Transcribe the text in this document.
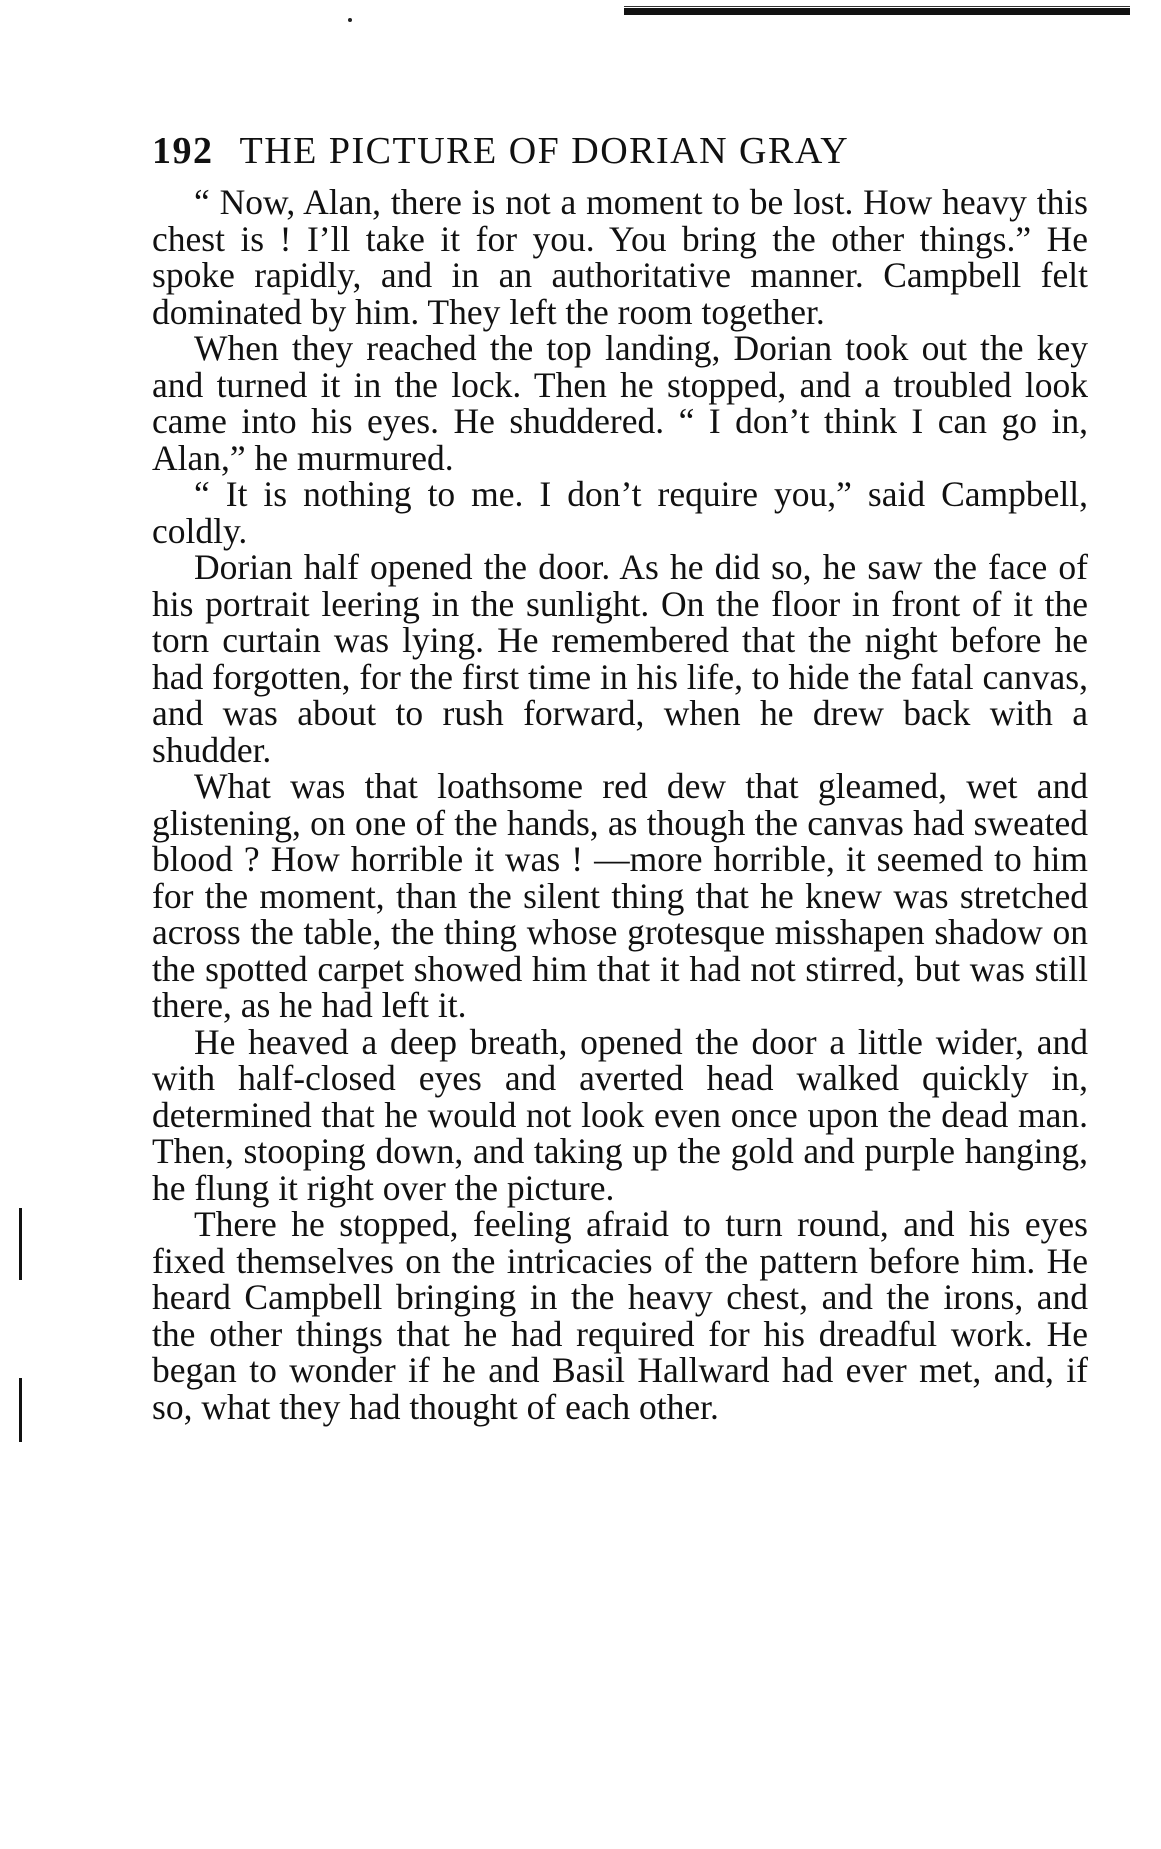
192 THE PICTURE OF DORIAN GRAY

“ Now, Alan, there is not a moment to be lost. How heavy this chest is ! I’ll take it for you. You bring the other things.” He spoke rapidly, and in an authoritative manner. Campbell felt dominated by him. They left the room together.

When they reached the top landing, Dorian took out the key and turned it in the lock. Then he stopped, and a troubled look came into his eyes. He shuddered. “ I don’t think I can go in, Alan,” he murmured.

“ It is nothing to me. I don’t require you,” said Campbell, coldly.

Dorian half opened the door. As he did so, he saw the face of his portrait leering in the sunlight. On the floor in front of it the torn curtain was lying. He remembered that the night before he had forgotten, for the first time in his life, to hide the fatal canvas, and was about to rush forward, when he drew back with a shudder.

What was that loathsome red dew that gleamed, wet and glistening, on one of the hands, as though the canvas had sweated blood ? How horrible it was ! —more horrible, it seemed to him for the moment, than the silent thing that he knew was stretched across the table, the thing whose grotesque misshapen shadow on the spotted carpet showed him that it had not stirred, but was still there, as he had left it.

He heaved a deep breath, opened the door a little wider, and with half-closed eyes and averted head walked quickly in, determined that he would not look even once upon the dead man. Then, stooping down, and taking up the gold and purple hanging, he flung it right over the picture.

There he stopped, feeling afraid to turn round, and his eyes fixed themselves on the intricacies of the pattern before him. He heard Campbell bringing in the heavy chest, and the irons, and the other things that he had required for his dreadful work. He began to wonder if he and Basil Hallward had ever met, and, if so, what they had thought of each other.
